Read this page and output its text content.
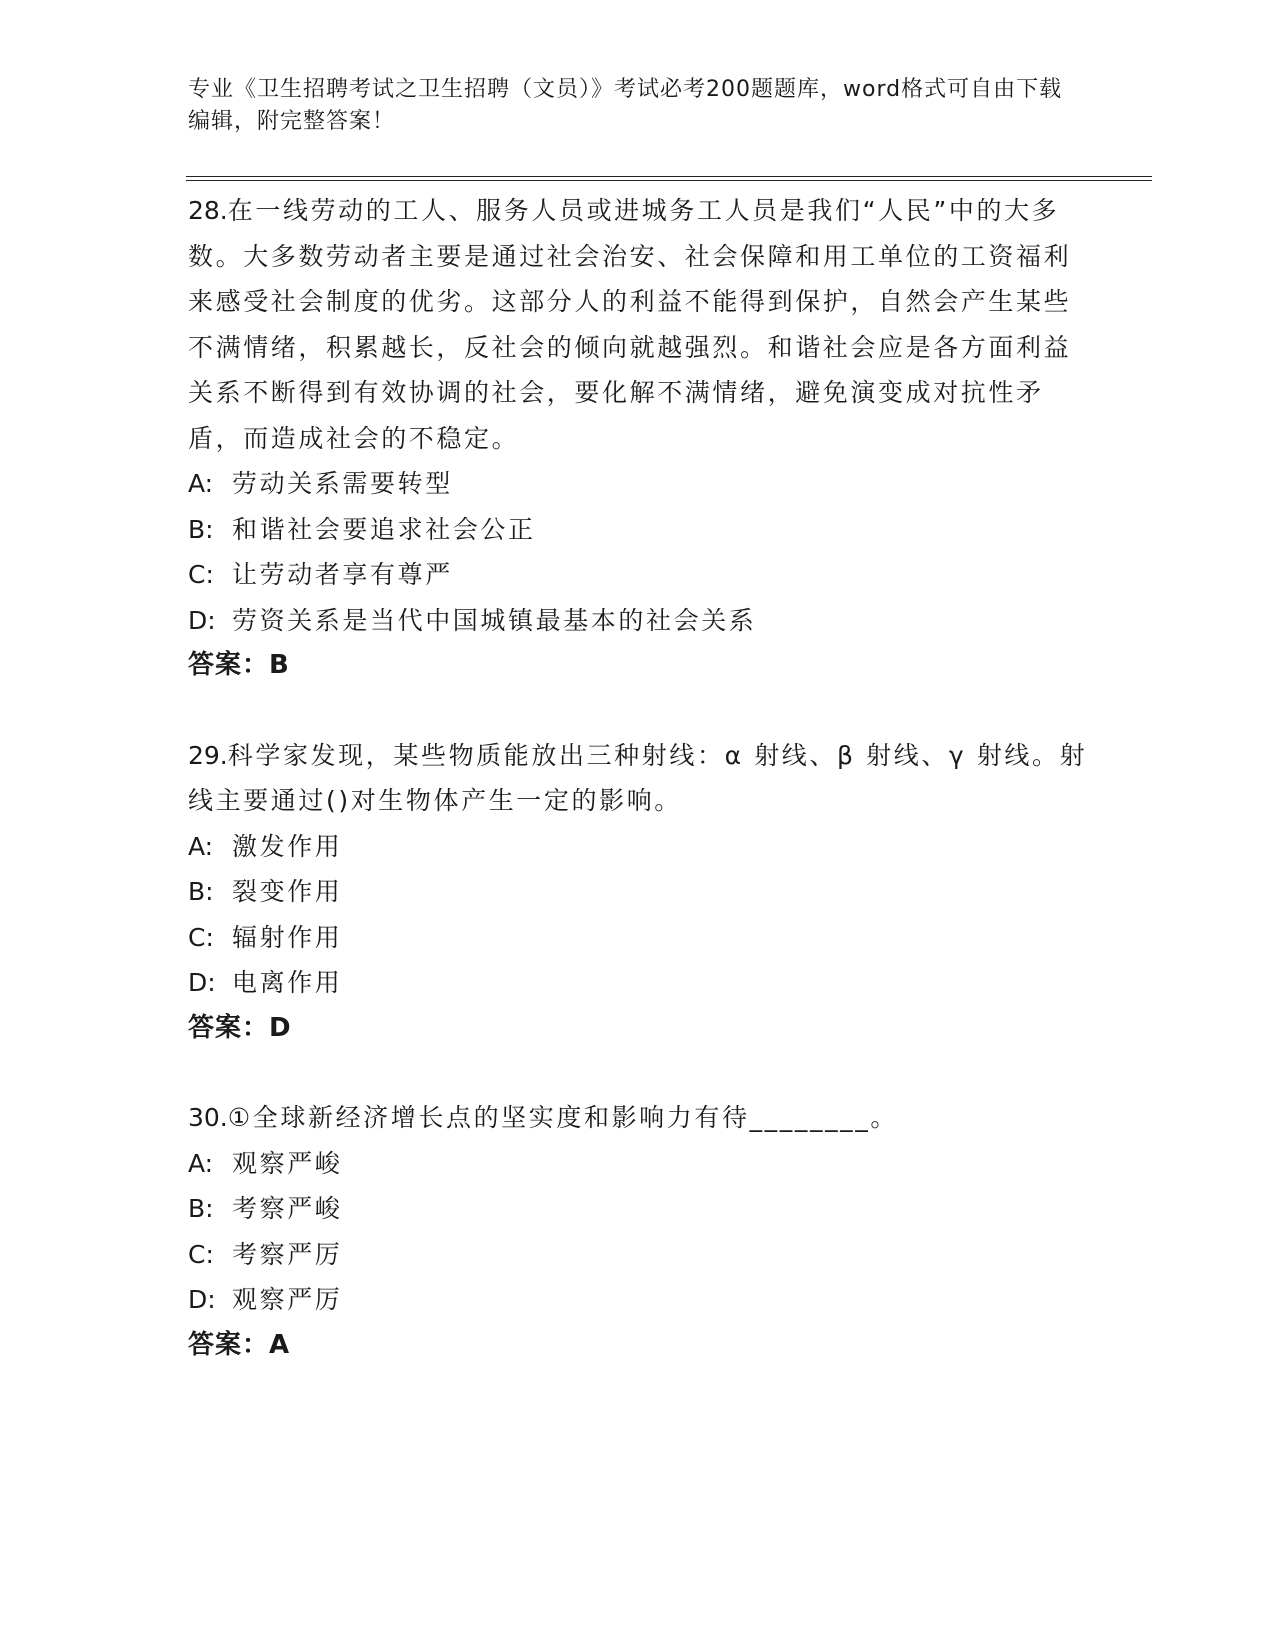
专业《卫生招聘考试之卫生招聘（文员）》考试必考200题题库，word格式可自由下载编辑，附完整答案！

28.在一线劳动的工人、服务人员或进城务工人员是我们“人民”中的大多数。大多数劳动者主要是通过社会治安、社会保障和用工单位的工资福利来感受社会制度的优劣。这部分人的利益不能得到保护，自然会产生某些不满情绪，积累越长，反社会的倾向就越强烈。和谐社会应是各方面利益关系不断得到有效协调的社会，要化解不满情绪，避免演变成对抗性矛盾，而造成社会的不稳定。

A: 劳动关系需要转型

B: 和谐社会要追求社会公正

C: 让劳动者享有尊严

D: 劳资关系是当代中国城镇最基本的社会关系

答案：B

29.科学家发现，某些物质能放出三种射线：α 射线、β 射线、γ 射线。射线主要通过()对生物体产生一定的影响。

A: 激发作用

B: 裂变作用

C: 辐射作用

D: 电离作用

答案：D

30.①全球新经济增长点的坚实度和影响力有待________。

A: 观察严峻

B: 考察严峻

C: 考察严厉

D: 观察严厉

答案：A
